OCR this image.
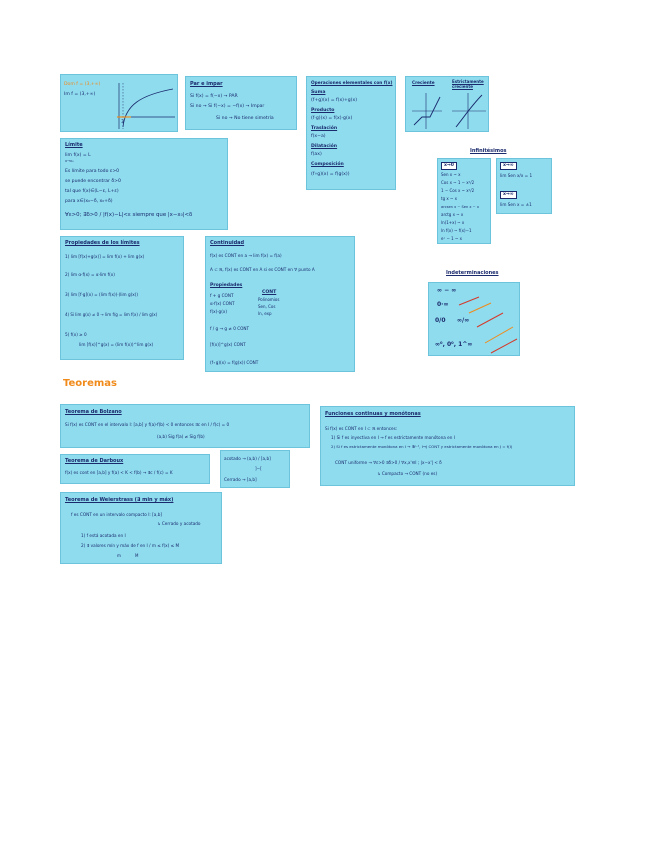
Dom f = (3,+∞)
Im f = (3,+∞)
3
Par e impar
Si f(x) = f(−x) → PAR
Si no → Si f(−x) = −f(x) → Impar
Si no → No tiene simetría
Operaciones elementales con f(x)
Suma
(f+g)(x) = f(x)+g(x)
Producto
(f·g)(x) = f(x)·g(x)
Traslación
f(x−a)
Dilatación
f(ax)
Composición
(f∘g)(x) = f(g(x))
Creciente	Estrictamente creciente
Límite
lim f(x) = L
x→x₀
Es límite para todo ε>0
se puede encontrar δ>0
tal que f(x)∈(L−ε, L+ε)
para x∈(x₀−δ, x₀+δ)
∀ε>0; ∃δ>0 / |f(x)−L|<ε siempre que |x−x₀|<δ
Infinitésimos
x→0
Sen x ~ x
Cos x ~ 1 − x²/2
1 − Cos x ~ x²/2
tg x ~ x
arcsen x ~ Sen x ~ x
arctg x ~ x
ln(1+x) ~ x
ln f(x) ~ f(x)−1
eˣ − 1 ~ x
x→∞
lim Sen x/x = 1
x→∞
lim Sen x = ±1
Propiedades de los límites
1) lim [f(x)+g(x)] = lim f(x) + lim g(x)
2) lim α·f(x) = α·lim f(x)
3) lim [f·g](x) = (lim f(x))·(lim g(x))
4) Si lim g(x) ≠ 0 → lim f/g = lim f(x) / lim g(x)
5) f(x) ≥ 0
lim [f(x)]^g(x) = (lim f(x))^lim g(x)
Continuidad
f(x) es CONT en a → lim f(x) = f(a)
A ⊂ ℝ, f(x) es CONT en A si es CONT en ∀ punto A
Propiedades
f + g CONT
α·f(x) CONT
f(x)·g(x)
CONT
Polinomios
Sen, Cos
ln, exp
f / g → g ≠ 0 CONT
[f(x)]^g(x) CONT
(f∘g)(x) = f(g(x)) CONT
Indeterminaciones
∞ − ∞
0·∞
0/0 ∞/∞
∞⁰, 0⁰, 1^∞
Teoremas
Teorema de Bolzano
Si f(x) es CONT en el intervalo I: [a,b] y f(a)·f(b) < 0 entonces ∃c en I / f(c) = 0
(a,b) Sig f(a) ≠ Sig f(b)
Teorema de Darboux
f(x) es cont en [a,b] y f(a) < K < f(b) → ∃c / f(c) = K
acotado → (a,b) / [a,b]
]−[
Cerrado → [a,b]
Teorema de Weierstrass (∃ min y máx)
f es CONT en un intervalo compacto I: [a,b]
↳ Cerrado y acotado
1) f está acotada en I
2) ∃ valores mín y máx de f en I / m ≤ f(x) ≤ M
m	M
Funciones continuas y monótonas
Si f(x) es CONT en I ⊂ ℝ entonces:
1) Si f es inyectiva en I → f es estrictamente monótona en I
2) Si f es estrictamente monótona en I → ∃f⁻¹, I→J CONT y estrictamente monótona en J = f(I)
CONT uniforme → ∀ε>0 ∃δ>0 / ∀x,x'∈I ; |x−x'| < δ
↳ Compacto → CONT (no es)
